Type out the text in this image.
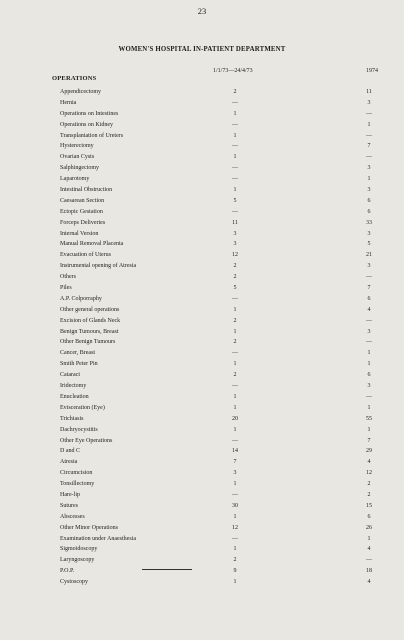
23
WOMEN'S HOSPITAL IN-PATIENT DEPARTMENT
1/1/73—24/4/73	1974
OPERATIONS
Appendicectomy	2	11
Hernia	—	3
Operations on Intestines	1	—
Operations on Kidney	—	1
Transplantation of Ureters	1	—
Hysterectomy	—	7
Ovarian Cysts	1	—
Salphingectomy	—	3
Laparotomy	—	1
Intestinal Obstruction	1	3
Caesarean Section	5	6
Ectopic Gestation	—	6
Forceps Deliveries	11	33
Internal Version	3	3
Manual Removal Placenta	3	5
Evacuation of Uterus	12	21
Instrumental opening of Atresia	2	3
Others	2	—
Piles	5	7
A.P. Colporraphy	—	6
Other general operations	1	4
Excision of Glands Neck	2	—
Benign Tumours, Breast	1	3
Other Benign Tumours	2	—
Cancer, Breast	—	1
Smith Peter Pin	1	1
Cataract	2	6
Iridectomy	—	3
Enucleation	1	—
Evisceration (Eye)	1	1
Trichiasis	20	55
Dachryocystitis	1	1
Other Eye Operations	—	7
D and C	14	29
Atresia	7	4
Circumcision	3	12
Tonsillectomy	1	2
Hare-lip	—	2
Sutures	30	15
Abscesses	1	6
Other Minor Operations	12	26
Examination under Anaesthesia	—	1
Sigmoidoscopy	1	4
Laryngoscopy	2	—
P.O.P.	9	18
Cystoscopy	1	4
